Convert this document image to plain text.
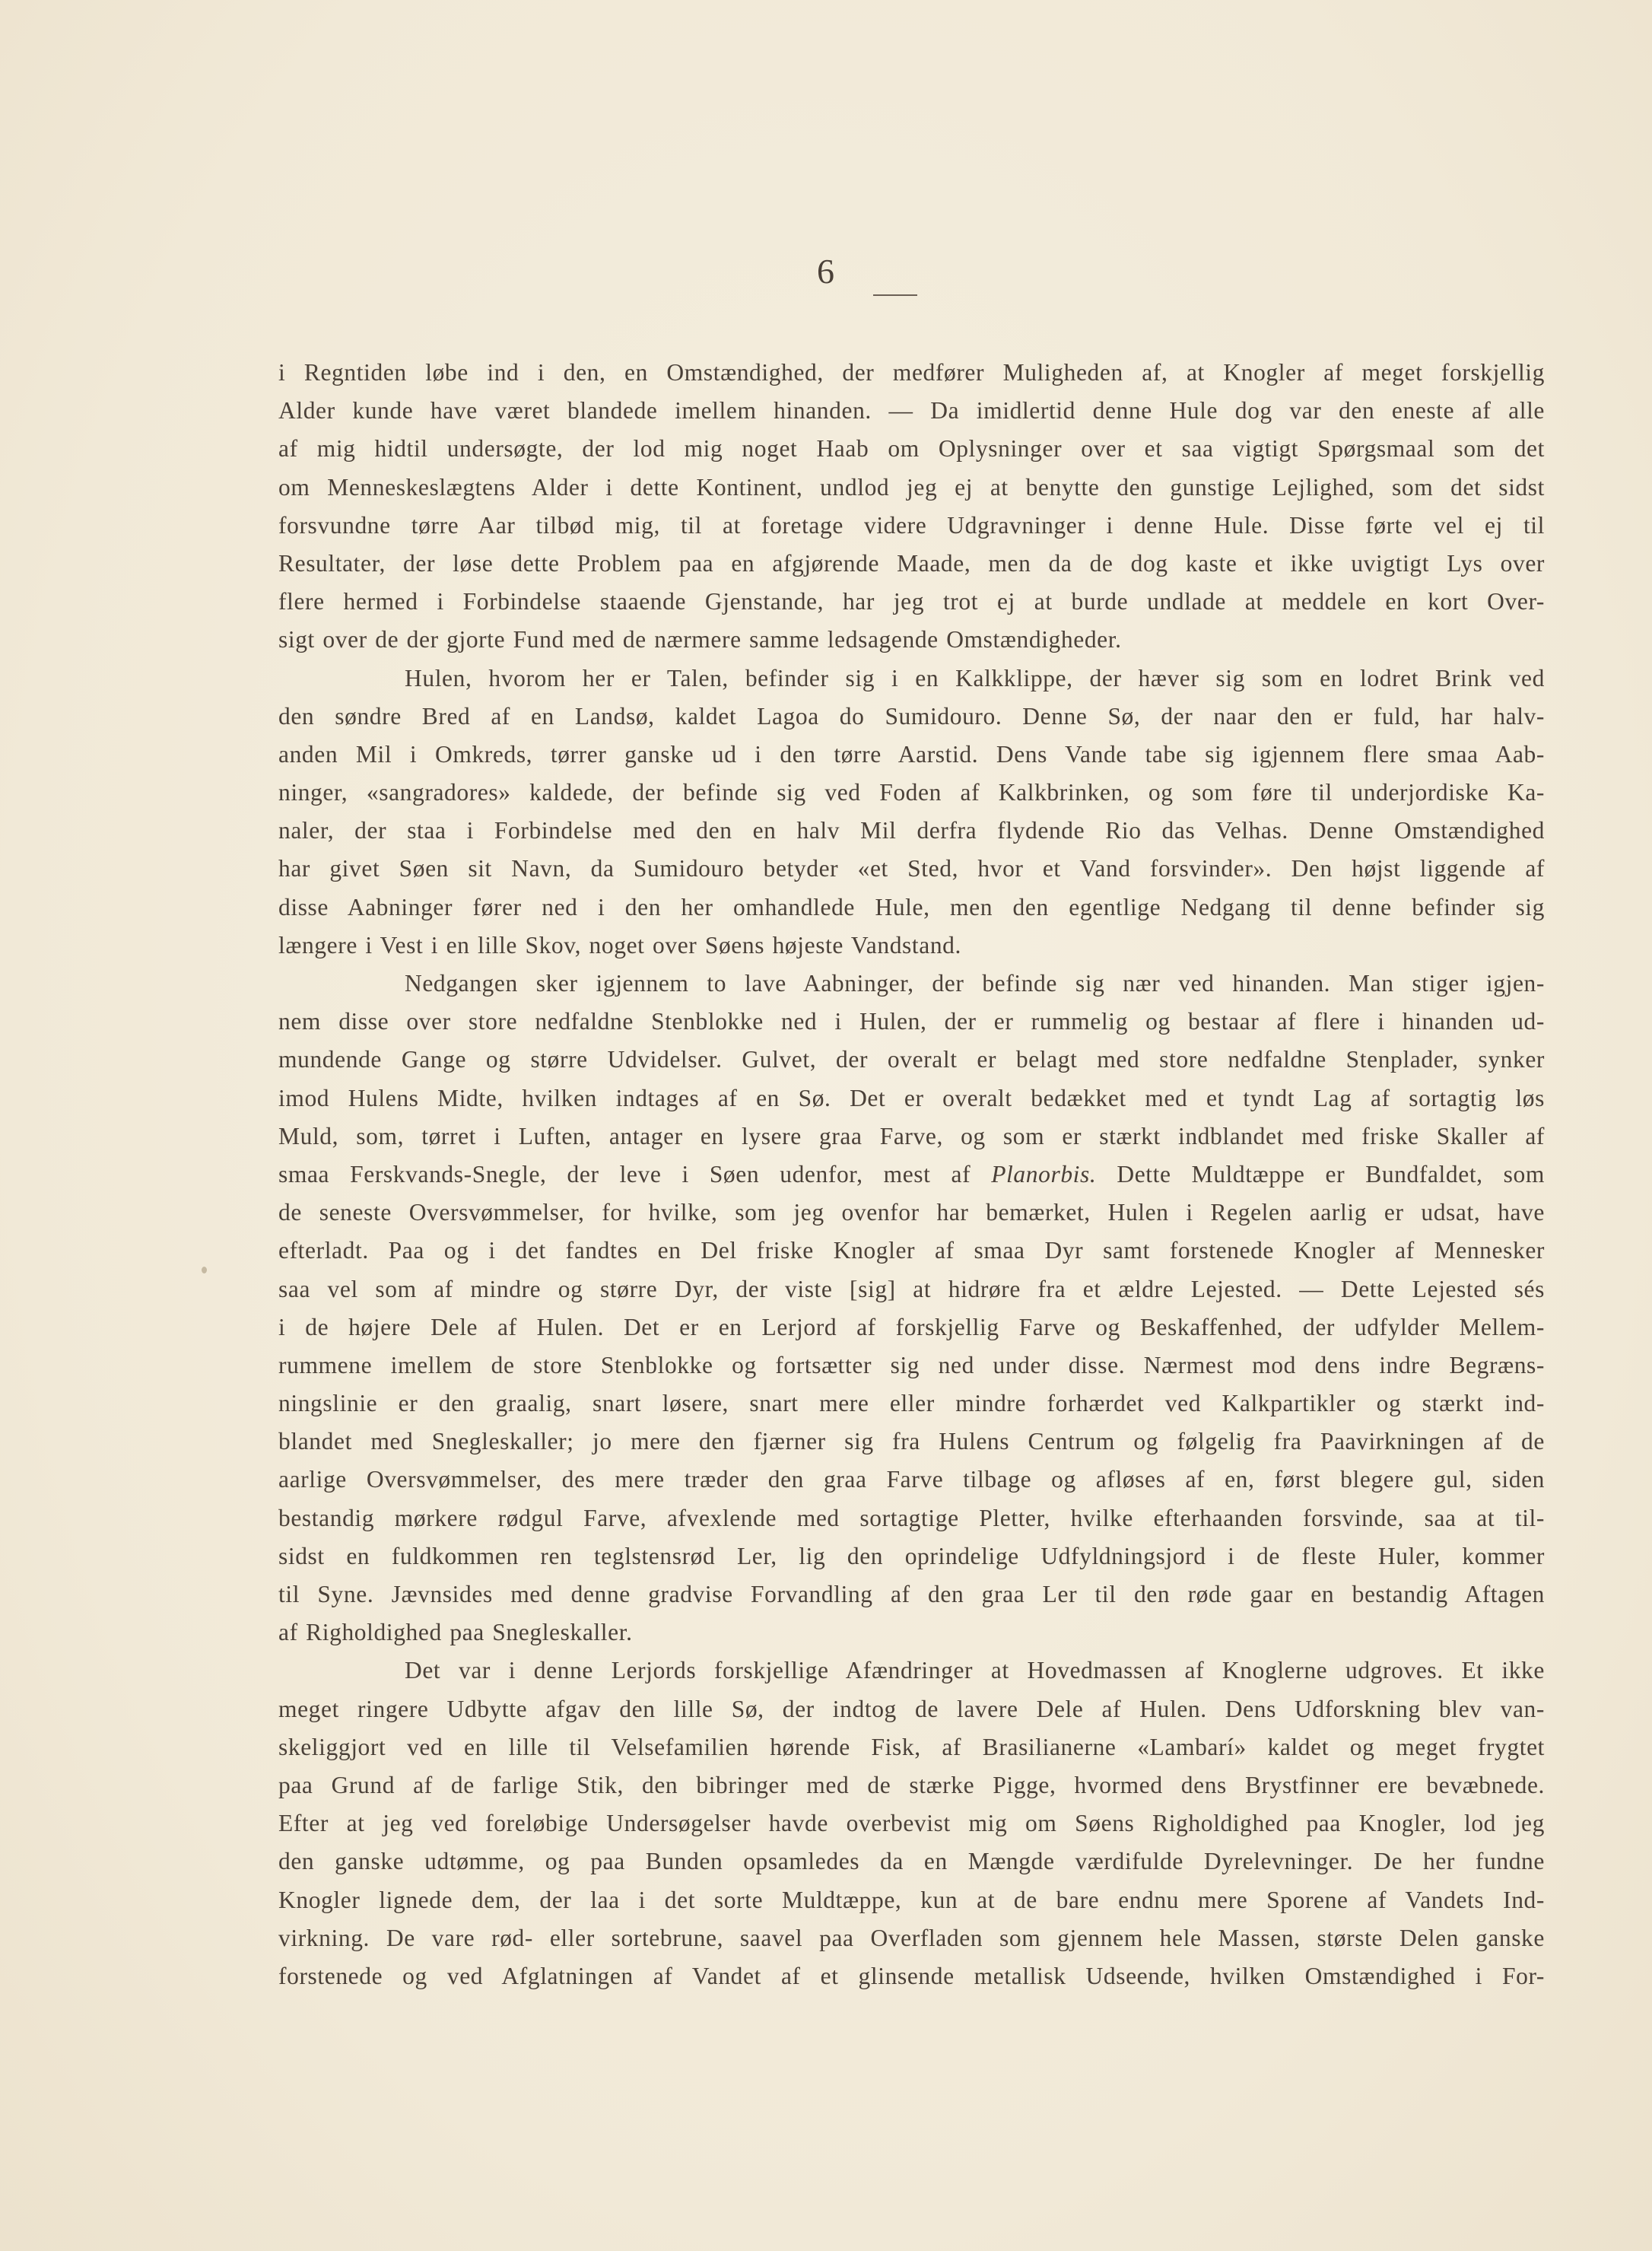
6
i Regntiden løbe ind i den, en Omstændighed, der medfører Muligheden af, at Knogler af meget forskjellig
Alder kunde have været blandede imellem hinanden. — Da imidlertid denne Hule dog var den eneste af alle
af mig hidtil undersøgte, der lod mig noget Haab om Oplysninger over et saa vigtigt Spørgsmaal som det
om Menneskeslægtens Alder i dette Kontinent, undlod jeg ej at benytte den gunstige Lejlighed, som det sidst
forsvundne tørre Aar tilbød mig, til at foretage videre Udgravninger i denne Hule. Disse førte vel ej til
Resultater, der løse dette Problem paa en afgjørende Maade, men da de dog kaste et ikke uvigtigt Lys over
flere hermed i Forbindelse staaende Gjenstande, har jeg trot ej at burde undlade at meddele en kort Over-
sigt over de der gjorte Fund med de nærmere samme ledsagende Omstændigheder.
Hulen, hvorom her er Talen, befinder sig i en Kalkklippe, der hæver sig som en lodret Brink ved
den søndre Bred af en Landsø, kaldet Lagoa do Sumidouro. Denne Sø, der naar den er fuld, har halv-
anden Mil i Omkreds, tørrer ganske ud i den tørre Aarstid. Dens Vande tabe sig igjennem flere smaa Aab-
ninger, «sangradores» kaldede, der befinde sig ved Foden af Kalkbrinken, og som føre til underjordiske Ka-
naler, der staa i Forbindelse med den en halv Mil derfra flydende Rio das Velhas. Denne Omstændighed
har givet Søen sit Navn, da Sumidouro betyder «et Sted, hvor et Vand forsvinder». Den højst liggende af
disse Aabninger fører ned i den her omhandlede Hule, men den egentlige Nedgang til denne befinder sig
længere i Vest i en lille Skov, noget over Søens højeste Vandstand.
Nedgangen sker igjennem to lave Aabninger, der befinde sig nær ved hinanden. Man stiger igjen-
nem disse over store nedfaldne Stenblokke ned i Hulen, der er rummelig og bestaar af flere i hinanden ud-
mundende Gange og større Udvidelser. Gulvet, der overalt er belagt med store nedfaldne Stenplader, synker
imod Hulens Midte, hvilken indtages af en Sø. Det er overalt bedækket med et tyndt Lag af sortagtig løs
Muld, som, tørret i Luften, antager en lysere graa Farve, og som er stærkt indblandet med friske Skaller af
smaa Ferskvands-Snegle, der leve i Søen udenfor, mest af Planorbis. Dette Muldtæppe er Bundfaldet, som
de seneste Oversvømmelser, for hvilke, som jeg ovenfor har bemærket, Hulen i Regelen aarlig er udsat, have
efterladt. Paa og i det fandtes en Del friske Knogler af smaa Dyr samt forstenede Knogler af Mennesker
saa vel som af mindre og større Dyr, der viste [sig] at hidrøre fra et ældre Lejested. — Dette Lejested sés
i de højere Dele af Hulen. Det er en Lerjord af forskjellig Farve og Beskaffenhed, der udfylder Mellem-
rummene imellem de store Stenblokke og fortsætter sig ned under disse. Nærmest mod dens indre Begræns-
ningslinie er den graalig, snart løsere, snart mere eller mindre forhærdet ved Kalkpartikler og stærkt ind-
blandet med Snegleskaller; jo mere den fjærner sig fra Hulens Centrum og følgelig fra Paavirkningen af de
aarlige Oversvømmelser, des mere træder den graa Farve tilbage og afløses af en, først blegere gul, siden
bestandig mørkere rødgul Farve, afvexlende med sortagtige Pletter, hvilke efterhaanden forsvinde, saa at til-
sidst en fuldkommen ren teglstensrød Ler, lig den oprindelige Udfyldningsjord i de fleste Huler, kommer
til Syne. Jævnsides med denne gradvise Forvandling af den graa Ler til den røde gaar en bestandig Aftagen
af Righoldighed paa Snegleskaller.
Det var i denne Lerjords forskjellige Afændringer at Hovedmassen af Knoglerne udgroves. Et ikke
meget ringere Udbytte afgav den lille Sø, der indtog de lavere Dele af Hulen. Dens Udforskning blev van-
skeliggjort ved en lille til Velsefamilien hørende Fisk, af Brasilianerne «Lambarí» kaldet og meget frygtet
paa Grund af de farlige Stik, den bibringer med de stærke Pigge, hvormed dens Brystfinner ere bevæbnede.
Efter at jeg ved foreløbige Undersøgelser havde overbevist mig om Søens Righoldighed paa Knogler, lod jeg
den ganske udtømme, og paa Bunden opsamledes da en Mængde værdifulde Dyrelevninger. De her fundne
Knogler lignede dem, der laa i det sorte Muldtæppe, kun at de bare endnu mere Sporene af Vandets Ind-
virkning. De vare rød- eller sortebrune, saavel paa Overfladen som gjennem hele Massen, største Delen ganske
forstenede og ved Afglatningen af Vandet af et glinsende metallisk Udseende, hvilken Omstændighed i For-
